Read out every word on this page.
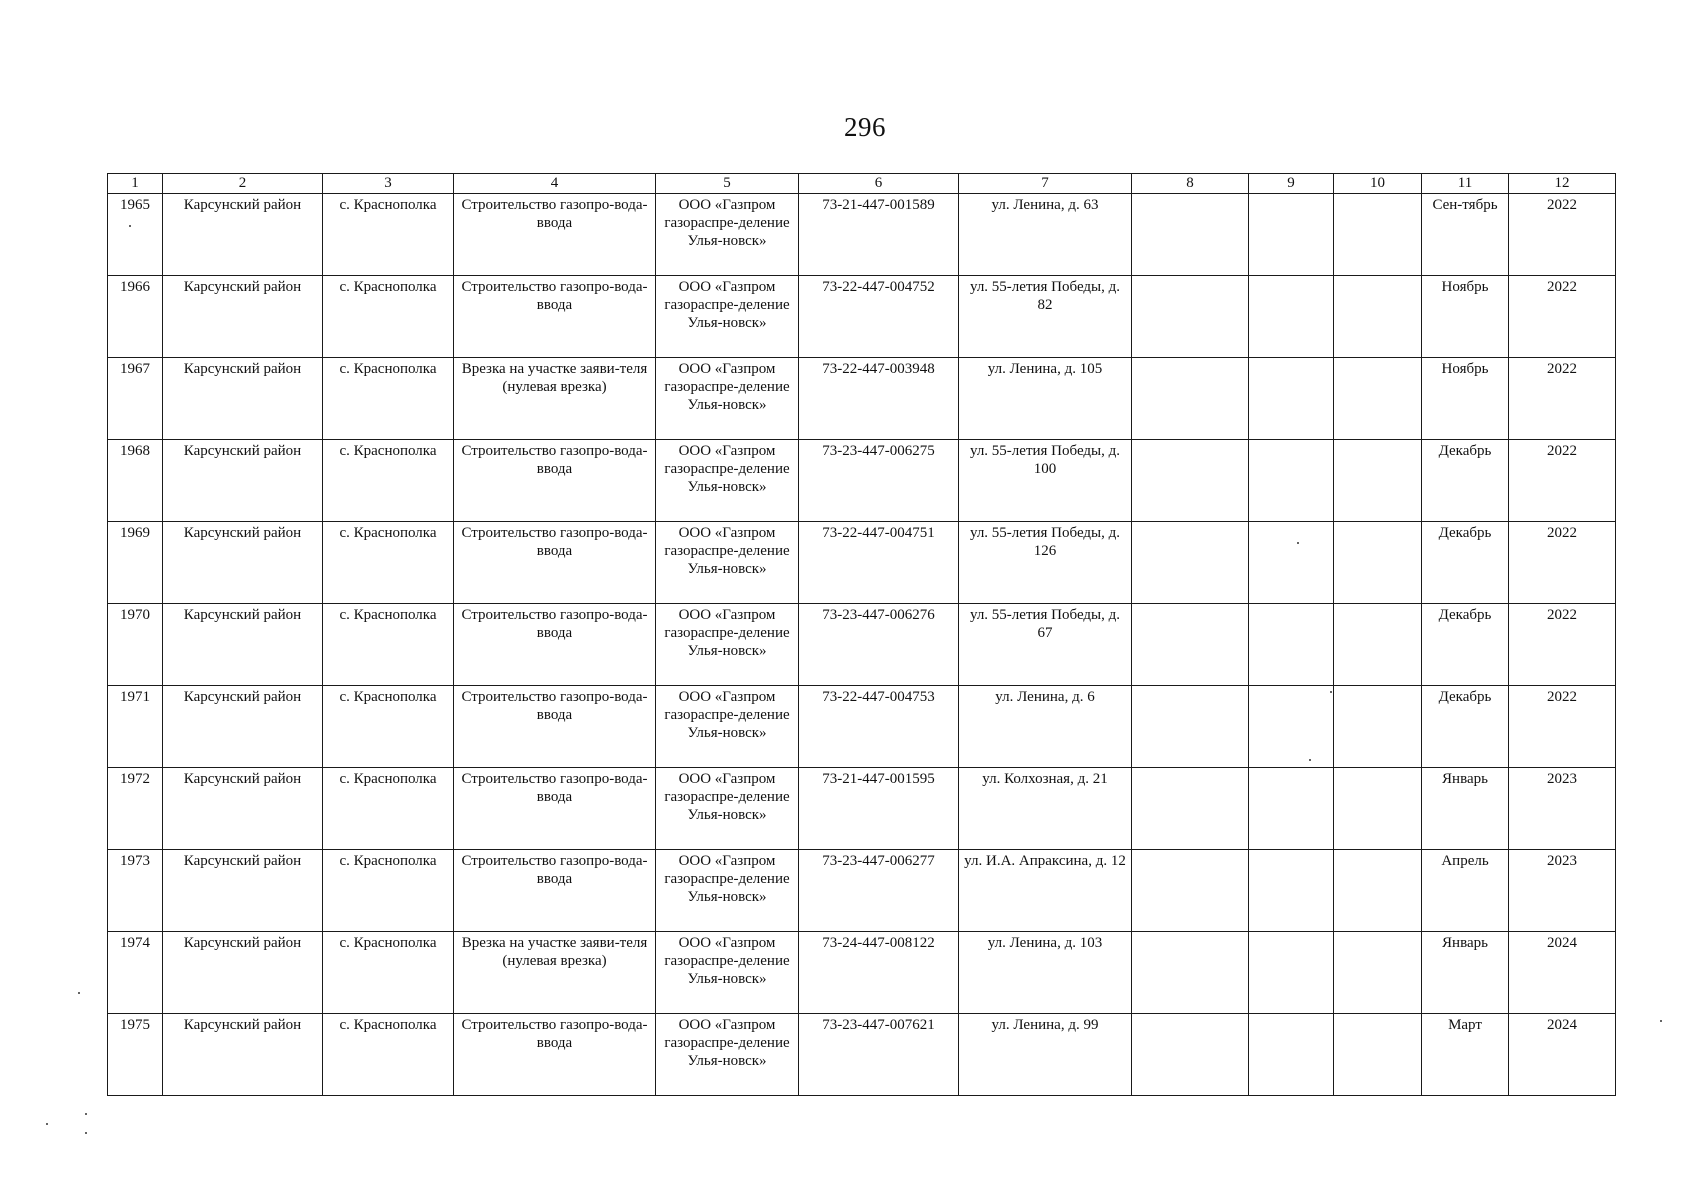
296
1	2	3	4	5	6	7	8	9	10	11	12
1965	Карсунский район	с. Краснополка	Строительство газопро-вода-ввода	ООО «Газпром газораспре-деление Улья-новск»	73-21-447-001589	ул. Ленина, д. 63				Сен-тябрь	2022
1966	Карсунский район	с. Краснополка	Строительство газопро-вода-ввода	ООО «Газпром газораспре-деление Улья-новск»	73-22-447-004752	ул. 55-летия Победы, д. 82				Ноябрь	2022
1967	Карсунский район	с. Краснополка	Врезка на участке заяви-теля (нулевая врезка)	ООО «Газпром газораспре-деление Улья-новск»	73-22-447-003948	ул. Ленина, д. 105				Ноябрь	2022
1968	Карсунский район	с. Краснополка	Строительство газопро-вода-ввода	ООО «Газпром газораспре-деление Улья-новск»	73-23-447-006275	ул. 55-летия Победы, д. 100				Декабрь	2022
1969	Карсунский район	с. Краснополка	Строительство газопро-вода-ввода	ООО «Газпром газораспре-деление Улья-новск»	73-22-447-004751	ул. 55-летия Победы, д. 126				Декабрь	2022
1970	Карсунский район	с. Краснополка	Строительство газопро-вода-ввода	ООО «Газпром газораспре-деление Улья-новск»	73-23-447-006276	ул. 55-летия Победы, д. 67				Декабрь	2022
1971	Карсунский район	с. Краснополка	Строительство газопро-вода-ввода	ООО «Газпром газораспре-деление Улья-новск»	73-22-447-004753	ул. Ленина, д. 6				Декабрь	2022
1972	Карсунский район	с. Краснополка	Строительство газопро-вода-ввода	ООО «Газпром газораспре-деление Улья-новск»	73-21-447-001595	ул. Колхозная, д. 21				Январь	2023
1973	Карсунский район	с. Краснополка	Строительство газопро-вода-ввода	ООО «Газпром газораспре-деление Улья-новск»	73-23-447-006277	ул. И.А. Апраксина, д. 12				Апрель	2023
1974	Карсунский район	с. Краснополка	Врезка на участке заяви-теля (нулевая врезка)	ООО «Газпром газораспре-деление Улья-новск»	73-24-447-008122	ул. Ленина, д. 103				Январь	2024
1975	Карсунский район	с. Краснополка	Строительство газопро-вода-ввода	ООО «Газпром газораспре-деление Улья-новск»	73-23-447-007621	ул. Ленина, д. 99				Март	2024
